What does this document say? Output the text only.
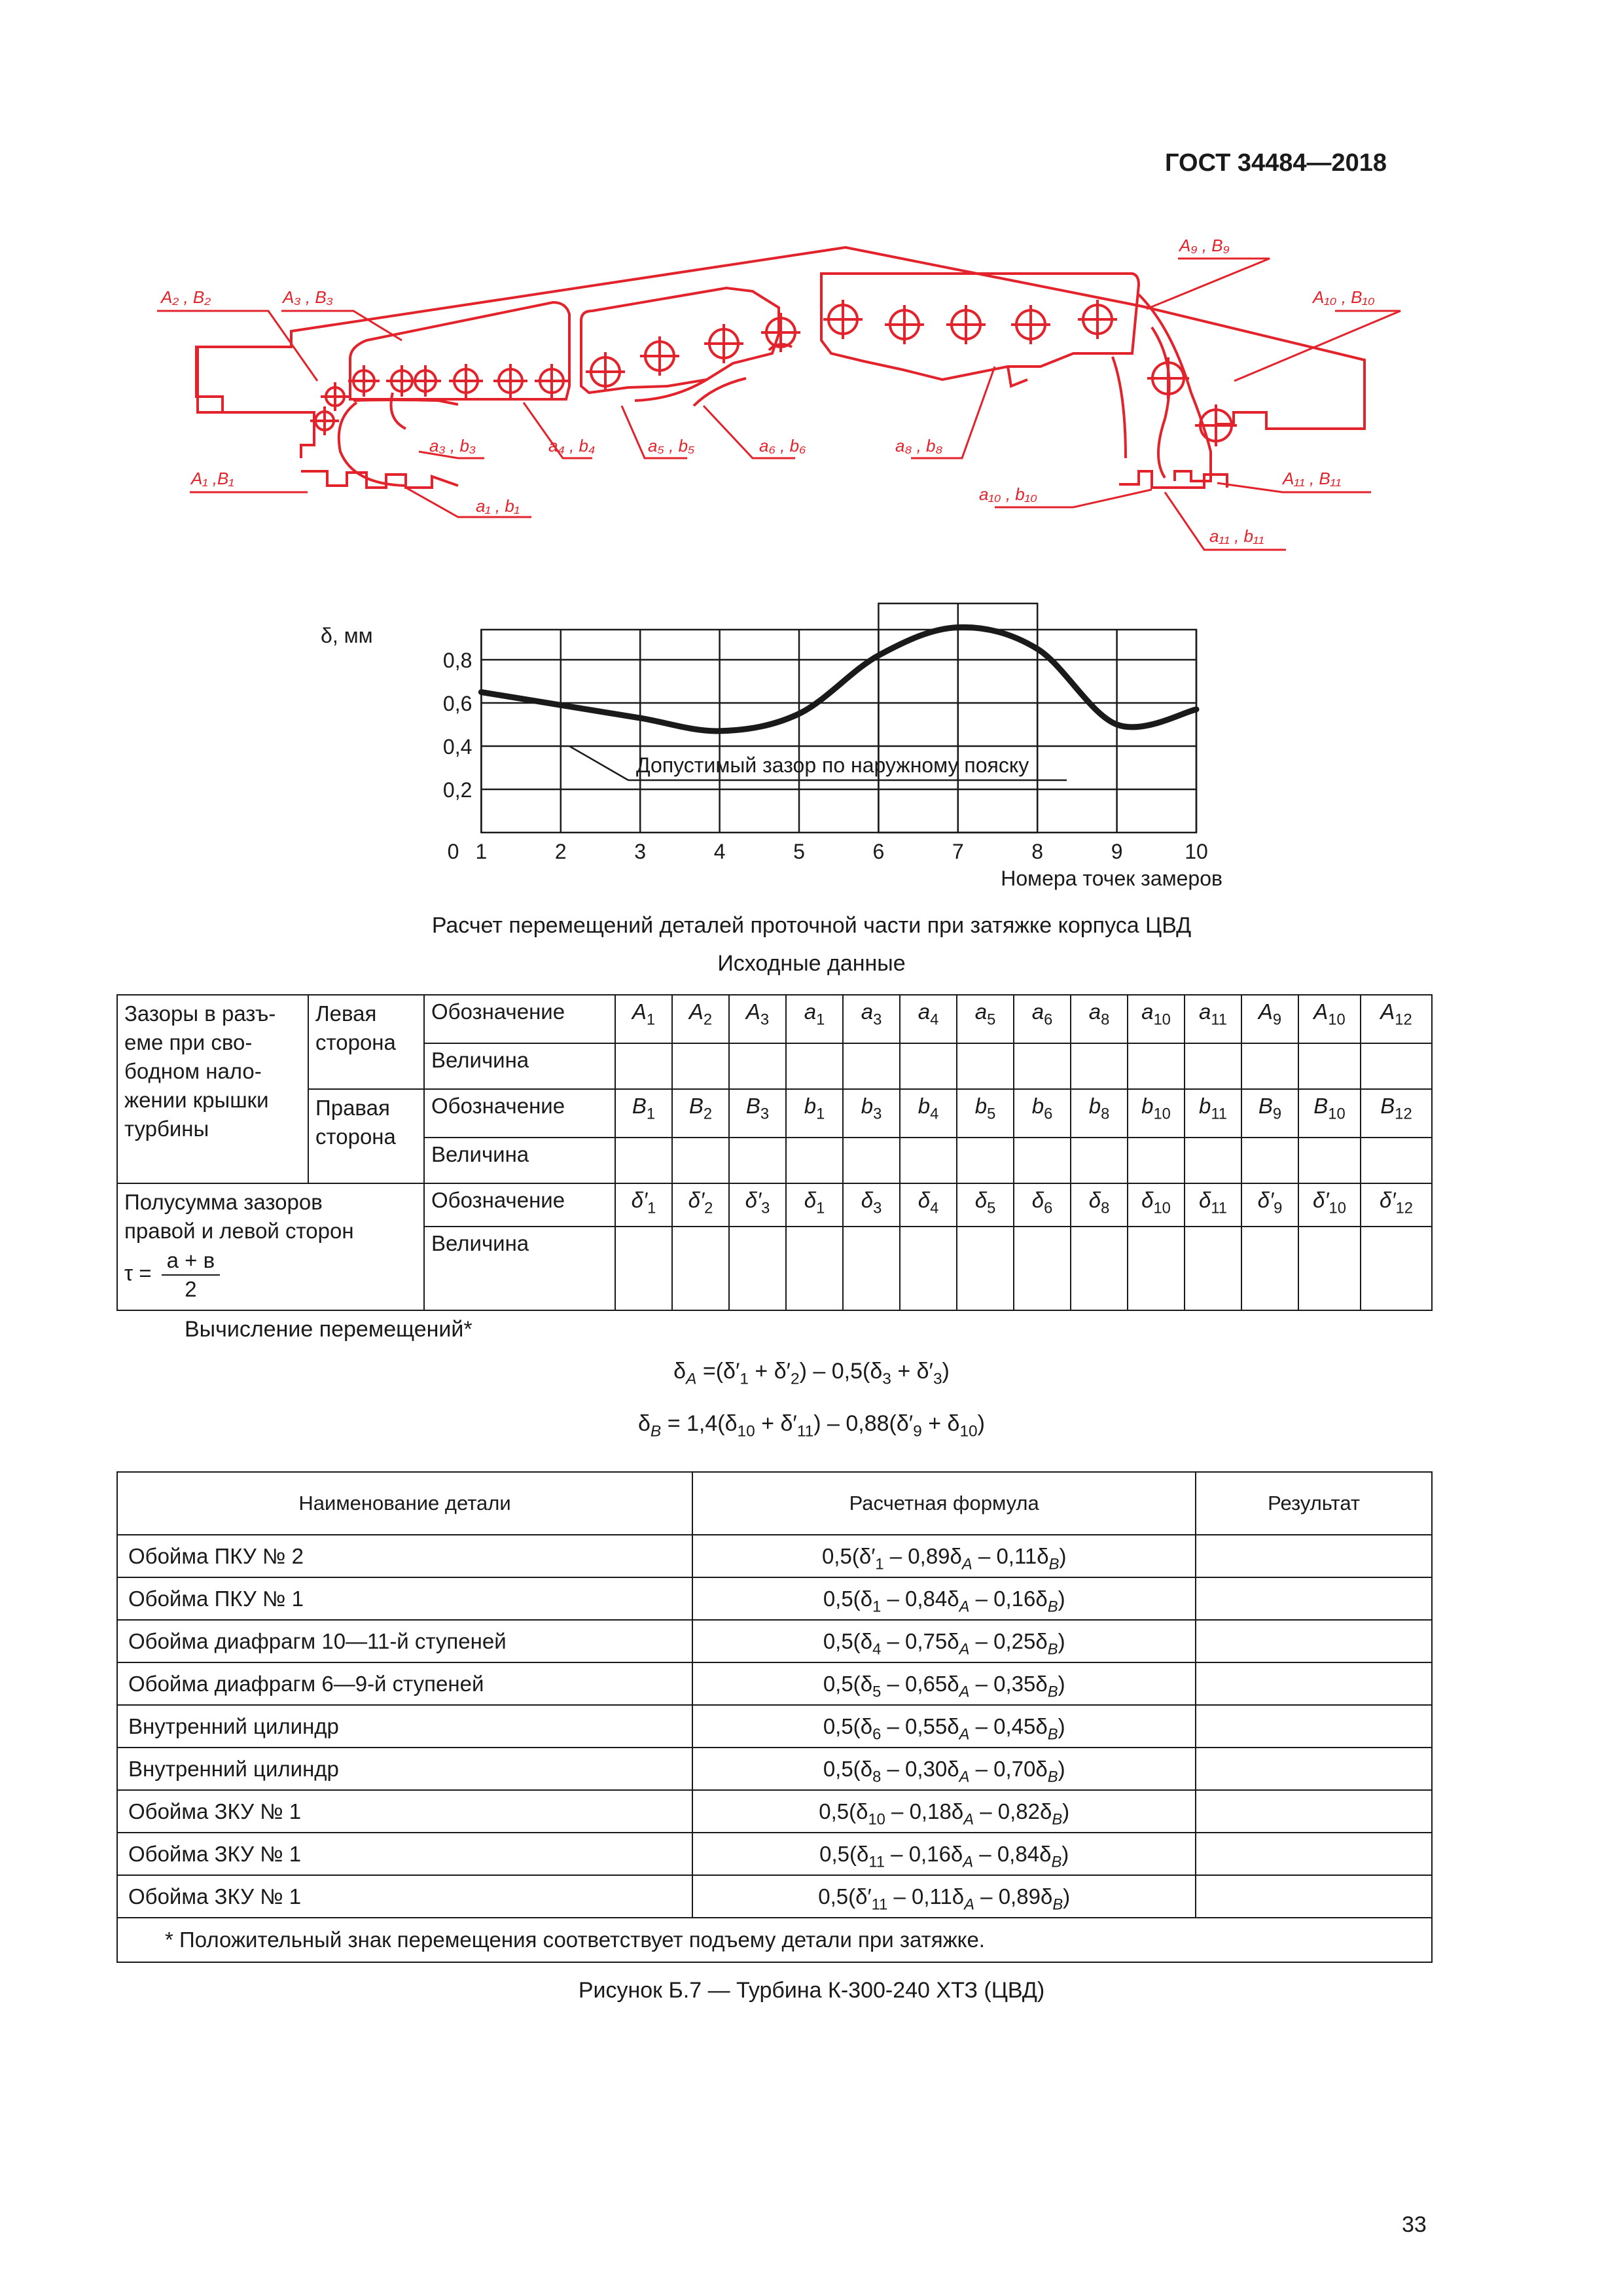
ГОСТ 34484—2018
A₂ , B₂	A₃ , B₃
A₉ , B₉
A₁₀ , B₁₀
A₁ ,B₁	A₁₁ , B₁₁
a₁ , b₁
a₃ , b₃	a₄ , b₄	a₅ , b₅	a₆ , b₆	a₈ , b₈
a₁₀ , b₁₀
a₁₁ , b₁₁
1	2	3	4	5	6	7	8	9	10
0
0,2
0,4
0,6
0,8
δ, мм
Номера точек замеров
Допустимый зазор по наружному пояску
Расчет перемещений деталей проточной части при затяжке корпуса ЦВД
Исходные данные
Зазоры в разъ-
еме при сво-
бодном нало-
жении крышки
турбины	Левая сторона	Обозначение	$A_1$	$A_2$	$A_3$	$a_1$	$a_3$	$a_4$	$a_5$	$a_6$	$a_8$	$a_{10}$	$a_{11}$	$A_9$	$A_{10}$	$A_{12}$
		Величина														
	Правая сторона	Обозначение	$B_1$	$B_2$	$B_3$	$b_1$	$b_3$	$b_4$	$b_5$	$b_6$	$b_8$	$b_{10}$	$b_{11}$	$B_9$	$B_{10}$	$B_{12}$
		Величина														

Полусумма зазоров
правой и левой сторон
$\tau = \frac{а + в}{2}$		Обозначение	$\delta'_1$	$\delta'_2$	$\delta'_3$	$\delta_1$	$\delta_3$	$\delta_4$	$\delta_5$	$\delta_6$	$\delta_8$	$\delta_{10}$	$\delta_{11}$	$\delta'_9$	$\delta'_{10}$	$\delta'_{12}$
		Величина														
Вычисление перемещений*
$\delta_A =(\delta'_1 + \delta'_2) - 0,5(\delta_3 + \delta'_3)$
$\delta_B = 1,4(\delta_{10} + \delta'_{11}) - 0,88(\delta'_9 + \delta_{10})$
Наименование детали	Расчетная формула	Результат
Обойма ПКУ № 2	$0,5(\delta'_1 - 0,89\delta_A - 0,11\delta_B)$	
Обойма ПКУ № 1	$0,5(\delta_1 - 0,84\delta_A - 0,16\delta_B)$	
Обойма диафрагм 10—11-й ступеней	$0,5(\delta_4 - 0,75\delta_A - 0,25\delta_B)$	
Обойма диафрагм 6—9-й ступеней	$0,5(\delta_5 - 0,65\delta_A - 0,35\delta_B)$	
Внутренний цилиндр	$0,5(\delta_6 - 0,55\delta_A - 0,45\delta_B)$	
Внутренний цилиндр	$0,5(\delta_8 - 0,30\delta_A - 0,70\delta_B)$	
Обойма ЗКУ № 1	$0,5(\delta_{10} - 0,18\delta_A - 0,82\delta_B)$	
Обойма ЗКУ № 1	$0,5(\delta_{11} - 0,16\delta_A - 0,84\delta_B)$	
Обойма ЗКУ № 1	$0,5(\delta'_{11} - 0,11\delta_A - 0,89\delta_B)$	
* Положительный знак перемещения соответствует подъему детали при затяжке.		
Рисунок Б.7 — Турбина К-300-240 ХТЗ (ЦВД)
33
